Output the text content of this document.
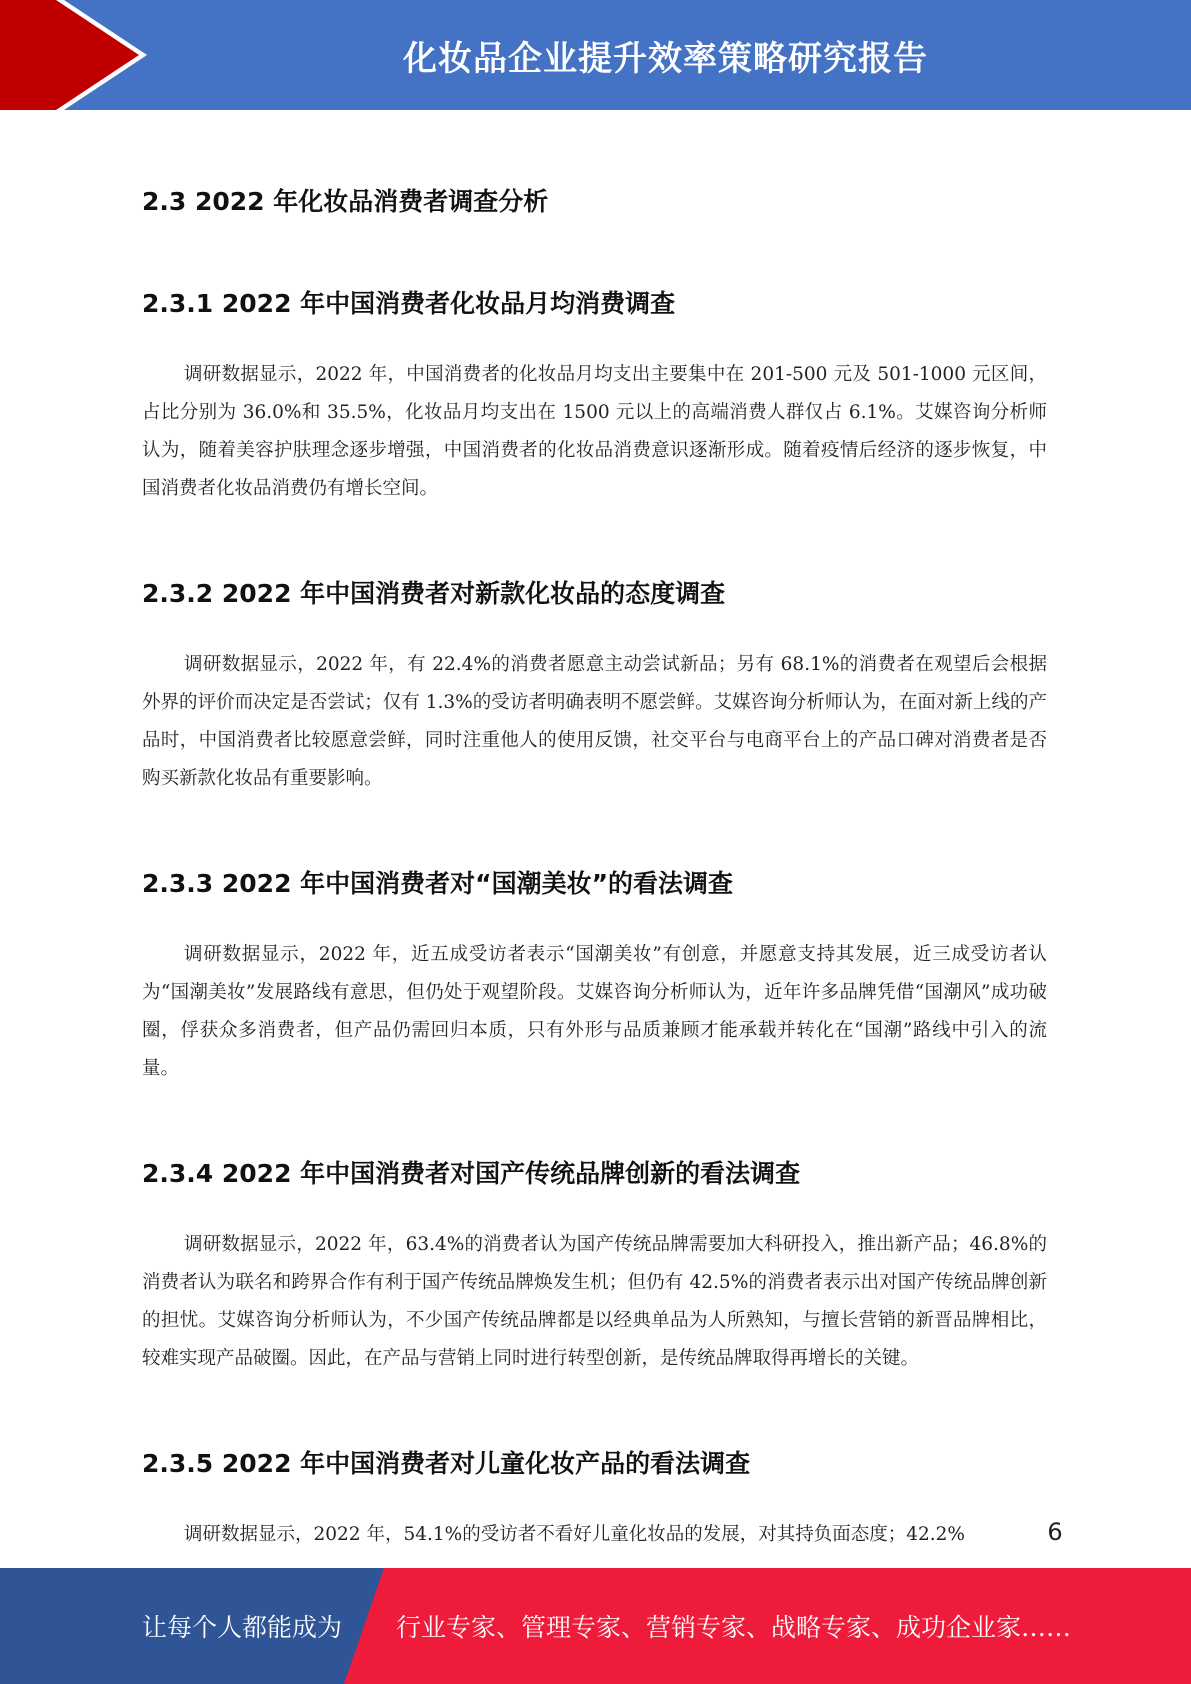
化妆品企业提升效率策略研究报告
2.3 2022 年化妆品消费者调查分析
2.3.1 2022 年中国消费者化妆品月均消费调查

调研数据显示，2022 年，中国消费者的化妆品月均支出主要集中在 201-500 元及 501-1000 元区间，占比分别为 36.0%和 35.5%，化妆品月均支出在 1500 元以上的高端消费人群仅占 6.1%。艾媒咨询分析师认为，随着美容护肤理念逐步增强，中国消费者的化妆品消费意识逐渐形成。随着疫情后经济的逐步恢复，中国消费者化妆品消费仍有增长空间。

2.3.2 2022 年中国消费者对新款化妆品的态度调查

调研数据显示，2022 年，有 22.4%的消费者愿意主动尝试新品；另有 68.1%的消费者在观望后会根据外界的评价而决定是否尝试；仅有 1.3%的受访者明确表明不愿尝鲜。艾媒咨询分析师认为，在面对新上线的产品时，中国消费者比较愿意尝鲜，同时注重他人的使用反馈，社交平台与电商平台上的产品口碑对消费者是否购买新款化妆品有重要影响。

2.3.3 2022 年中国消费者对“国潮美妆”的看法调查

调研数据显示，2022 年，近五成受访者表示“国潮美妆”有创意，并愿意支持其发展，近三成受访者认为“国潮美妆”发展路线有意思，但仍处于观望阶段。艾媒咨询分析师认为，近年许多品牌凭借“国潮风”成功破圈，俘获众多消费者，但产品仍需回归本质，只有外形与品质兼顾才能承载并转化在“国潮”路线中引入的流量。

2.3.4 2022 年中国消费者对国产传统品牌创新的看法调查

调研数据显示，2022 年，63.4%的消费者认为国产传统品牌需要加大科研投入，推出新产品；46.8%的消费者认为联名和跨界合作有利于国产传统品牌焕发生机；但仍有 42.5%的消费者表示出对国产传统品牌创新的担忧。艾媒咨询分析师认为，不少国产传统品牌都是以经典单品为人所熟知，与擅长营销的新晋品牌相比，较难实现产品破圈。因此，在产品与营销上同时进行转型创新，是传统品牌取得再增长的关键。

2.3.5 2022 年中国消费者对儿童化妆产品的看法调查

调研数据显示，2022 年，54.1%的受访者不看好儿童化妆品的发展，对其持负面态度；42.2%	6
让每个人都能成为 行业专家、管理专家、营销专家、战略专家、成功企业家……
